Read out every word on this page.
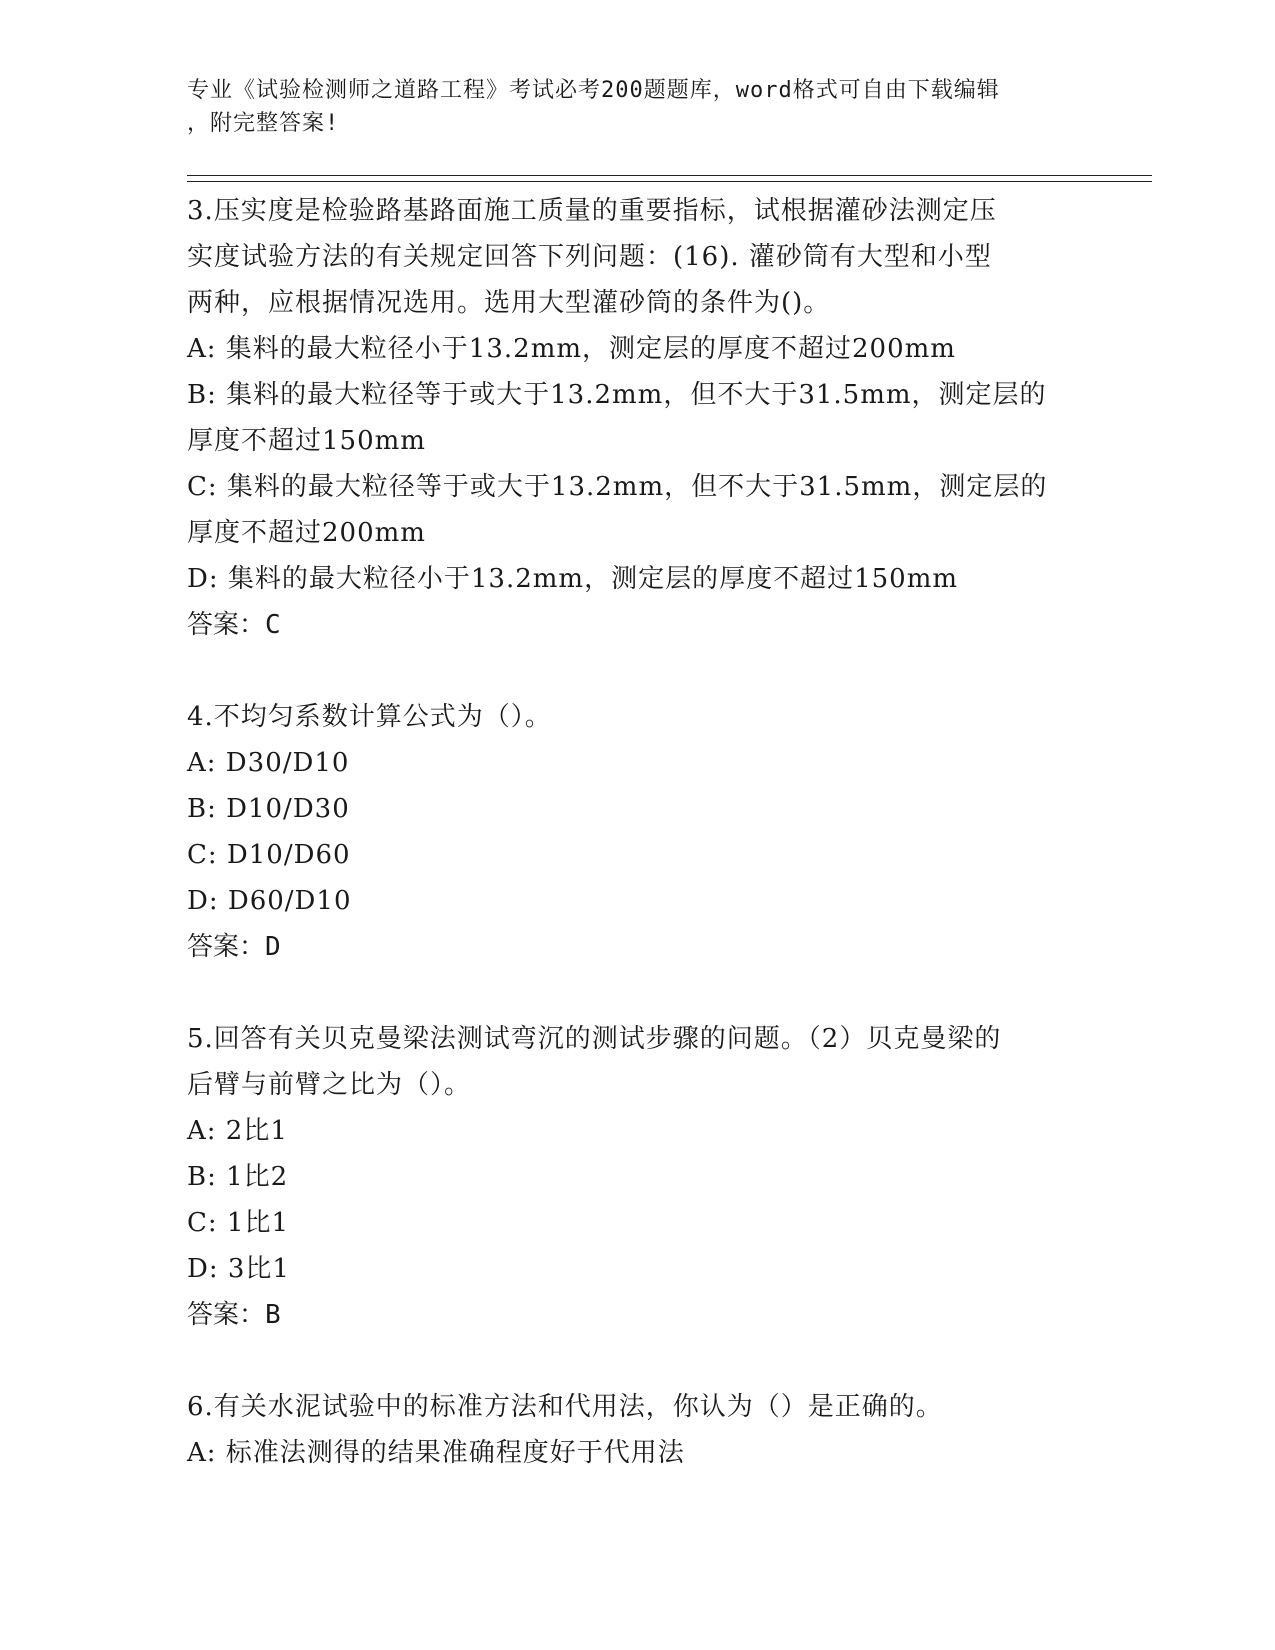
专业《试验检测师之道路工程》考试必考200题题库，word格式可自由下载编辑
，附完整答案!
3.压实度是检验路基路面施工质量的重要指标，试根据灌砂法测定压
实度试验方法的有关规定回答下列问题：(16). 灌砂筒有大型和小型
两种，应根据情况选用。选用大型灌砂筒的条件为()。
A: 集料的最大粒径小于13.2mm，测定层的厚度不超过200mm
B: 集料的最大粒径等于或大于13.2mm，但不大于31.5mm，测定层的
厚度不超过150mm
C: 集料的最大粒径等于或大于13.2mm，但不大于31.5mm，测定层的
厚度不超过200mm
D: 集料的最大粒径小于13.2mm，测定层的厚度不超过150mm
答案：C
4.不均匀系数计算公式为（）。
A: D30/D10
B: D10/D30
C: D10/D60
D: D60/D10
答案：D
5.回答有关贝克曼梁法测试弯沉的测试步骤的问题。（2）贝克曼梁的
后臂与前臂之比为（）。
A: 2比1
B: 1比2
C: 1比1
D: 3比1
答案：B
6.有关水泥试验中的标准方法和代用法，你认为（）是正确的。
A: 标准法测得的结果准确程度好于代用法
